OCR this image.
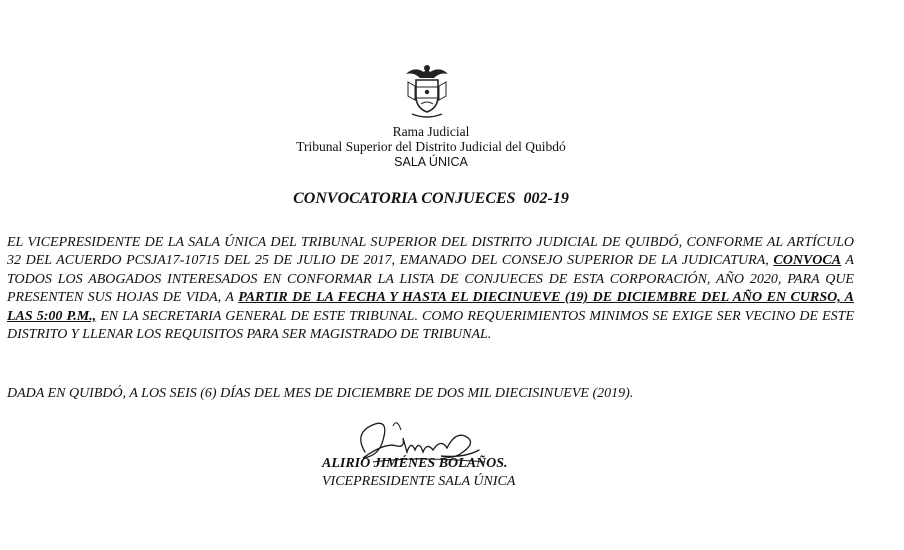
Rama Judicial
Tribunal Superior del Distrito Judicial del Quibdó
SALA ÚNICA
CONVOCATORIA CONJUECES  002-19

EL VICEPRESIDENTE DE LA SALA ÚNICA DEL TRIBUNAL SUPERIOR DEL DISTRITO JUDICIAL DE QUIBDÓ, CONFORME AL ARTÍCULO 32 DEL ACUERDO PCSJA17-10715 DEL 25 DE JULIO DE 2017, EMANADO DEL CONSEJO SUPERIOR DE LA JUDICATURA, CONVOCA A TODOS LOS ABOGADOS INTERESADOS EN CONFORMAR LA LISTA DE CONJUECES DE ESTA CORPORACIÓN, AÑO 2020, PARA QUE PRESENTEN SUS HOJAS DE VIDA, A PARTIR DE LA FECHA Y HASTA EL DIECINUEVE (19) DE DICIEMBRE DEL AÑO EN CURSO, A LAS 5:00 P.M., EN LA SECRETARIA GENERAL DE ESTE TRIBUNAL. COMO REQUERIMIENTOS MINIMOS SE EXIGE SER VECINO DE ESTE DISTRITO Y LLENAR LOS REQUISITOS PARA SER MAGISTRADO DE TRIBUNAL.

DADA EN QUIBDÓ, A LOS SEIS (6) DÍAS DEL MES DE DICIEMBRE DE DOS MIL DIECISINUEVE (2019).

ALIRIO JIMÉNES BOLAÑOS.
VICEPRESIDENTE SALA ÚNICA
